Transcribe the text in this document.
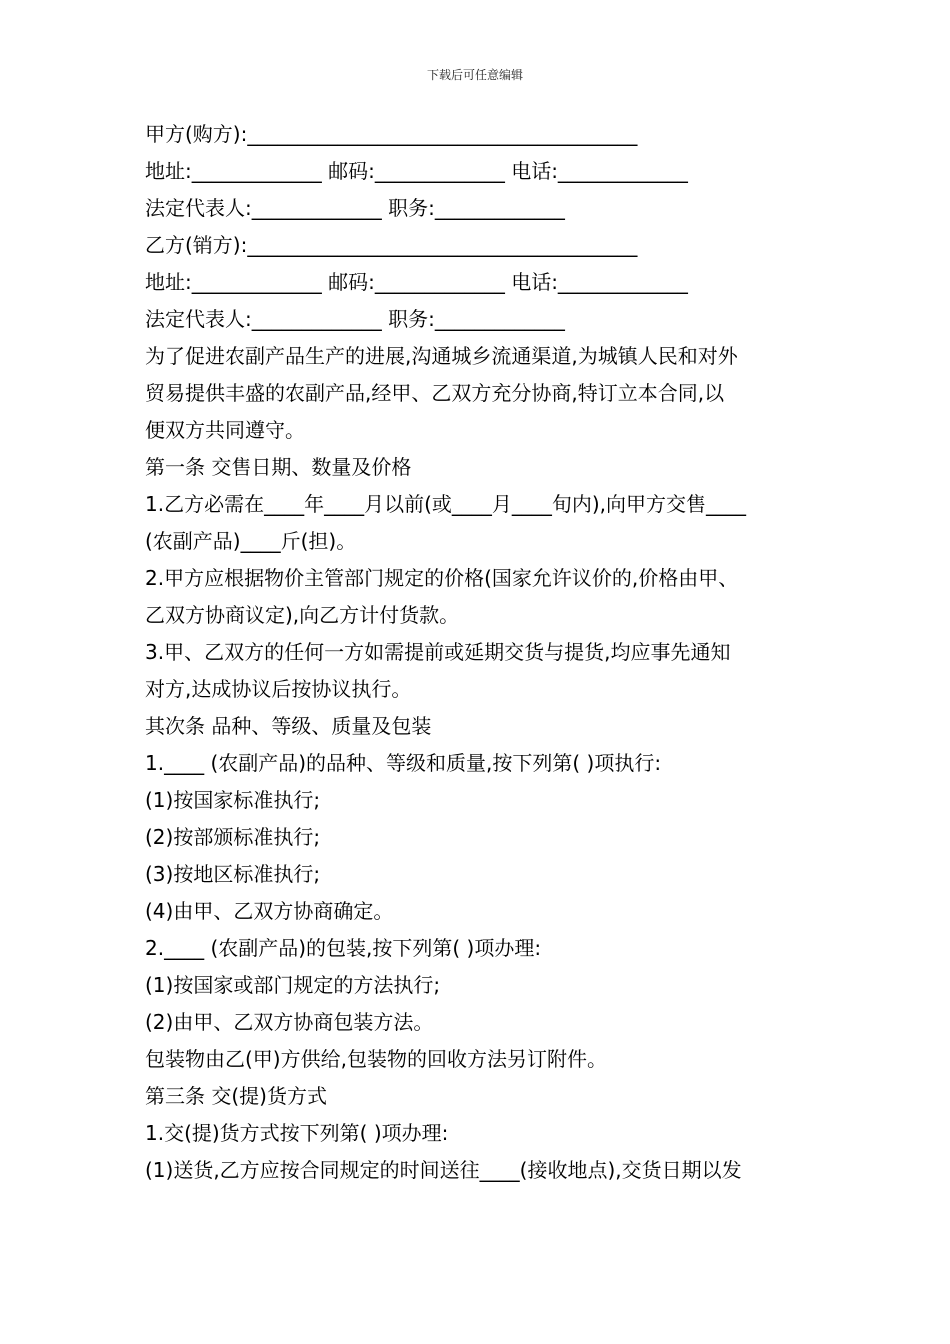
下载后可任意编辑

甲方(购方):_______________________________________

地址:_____________ 邮码:_____________ 电话:_____________

法定代表人:_____________ 职务:_____________

乙方(销方):_______________________________________

地址:_____________ 邮码:_____________ 电话:_____________

法定代表人:_____________ 职务:_____________

为了促进农副产品生产的进展,沟通城乡流通渠道,为城镇人民和对外

贸易提供丰盛的农副产品,经甲、乙双方充分协商,特订立本合同,以

便双方共同遵守。

第一条 交售日期、数量及价格

1.乙方必需在____年____月以前(或____月____旬内),向甲方交售____

(农副产品)____斤(担)。

2.甲方应根据物价主管部门规定的价格(国家允许议价的,价格由甲、

乙双方协商议定),向乙方计付货款。

3.甲、乙双方的任何一方如需提前或延期交货与提货,均应事先通知

对方,达成协议后按协议执行。

其次条 品种、等级、质量及包装

1.____ (农副产品)的品种、等级和质量,按下列第( )项执行:

(1)按国家标准执行;

(2)按部颁标准执行;

(3)按地区标准执行;

(4)由甲、乙双方协商确定。

2.____ (农副产品)的包装,按下列第( )项办理:

(1)按国家或部门规定的方法执行;

(2)由甲、乙双方协商包装方法。

包装物由乙(甲)方供给,包装物的回收方法另订附件。

第三条 交(提)货方式

1.交(提)货方式按下列第( )项办理:

(1)送货,乙方应按合同规定的时间送往____(接收地点),交货日期以发
